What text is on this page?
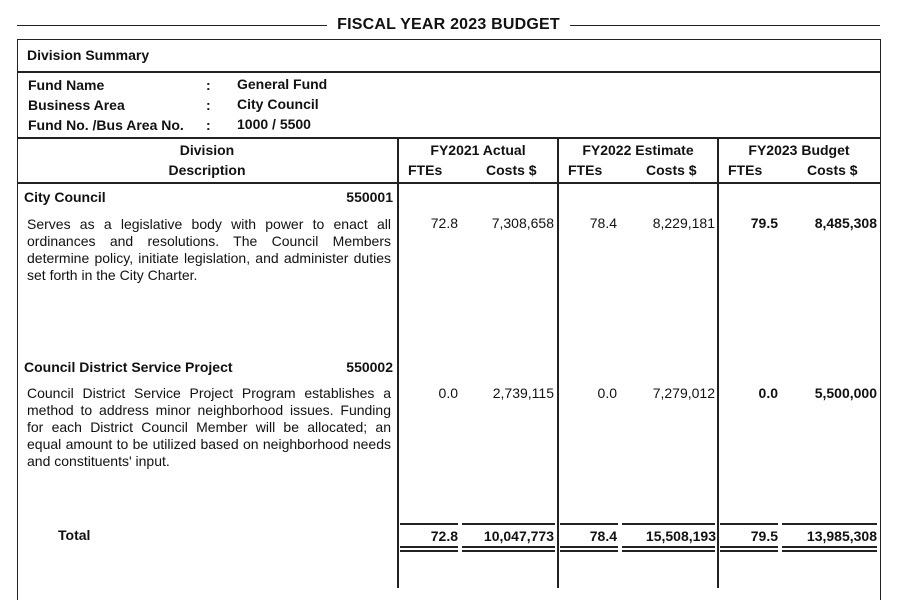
FISCAL YEAR 2023 BUDGET
Division Summary
Fund Name	: General Fund
Business Area	: City Council
Fund No. /Bus Area No. : 1000 / 5500
Division
Description
FY2021 Actual
FTEs	Costs $
FY2022 Estimate
FTEs	Costs $
FY2023 Budget
FTEs	Costs $
City Council	550001
Serves as a legislative body with power to enact all ordinances and resolutions. The Council Members determine policy, initiate legislation, and administer duties set forth in the City Charter.
72.8	7,308,658	78.4	8,229,181	79.5	8,485,308
Council District Service Project	550002
Council District Service Project Program establishes a method to address minor neighborhood issues. Funding for each District Council Member will be allocated; an equal amount to be utilized based on neighborhood needs and constituents' input.
0.0	2,739,115	0.0	7,279,012	0.0	5,500,000
Total	72.8	10,047,773	78.4	15,508,193	79.5	13,985,308
